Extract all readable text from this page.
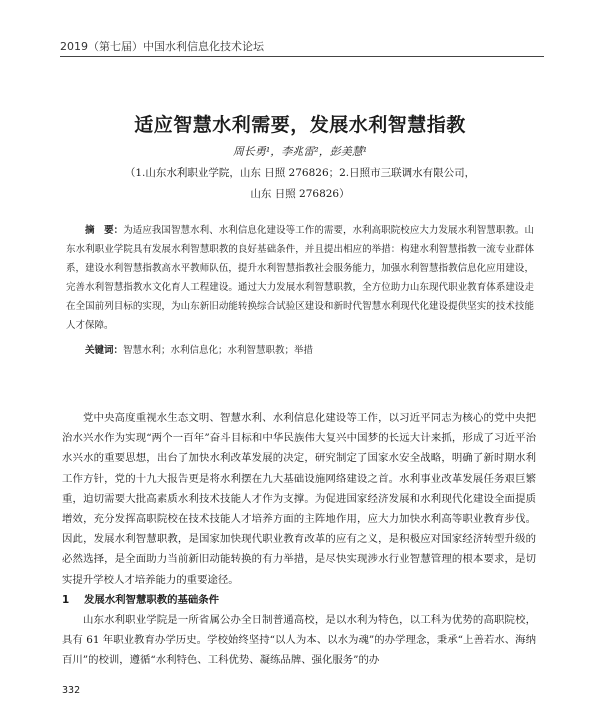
2019（第七届）中国水利信息化技术论坛
适应智慧水利需要，发展水利智慧指教
周长勇¹，李兆雷²，彭美慧¹
（1.山东水利职业学院，山东 日照 276826；2.日照市三联调水有限公司，
山东 日照 276826）
摘　要：为适应我国智慧水利、水利信息化建设等工作的需要，水利高职院校应大力发展水利智慧职教。山东水利职业学院具有发展水利智慧职教的良好基础条件，并且提出相应的举措：构建水利智慧指教一流专业群体系，建设水利智慧指教高水平教师队伍，提升水利智慧指教社会服务能力，加强水利智慧指教信息化应用建设，完善水利智慧指教水文化育人工程建设。通过大力发展水利智慧职教，全方位助力山东现代职业教育体系建设走在全国前列目标的实现，为山东新旧动能转换综合试验区建设和新时代智慧水利现代化建设提供坚实的技术技能人才保障。
关键词：智慧水利；水利信息化；水利智慧职教；举措

党中央高度重视水生态文明、智慧水利、水利信息化建设等工作，以习近平同志为核心的党中央把治水兴水作为实现“两个一百年”奋斗目标和中华民族伟大复兴中国梦的长远大计来抓，形成了习近平治水兴水的重要思想，出台了加快水利改革发展的决定，研究制定了国家水安全战略，明确了新时期水利工作方针，党的十九大报告更是将水利摆在九大基础设施网络建设之首。水利事业改革发展任务艰巨繁重，迫切需要大批高素质水利技术技能人才作为支撑。为促进国家经济发展和水利现代化建设全面提质增效，充分发挥高职院校在技术技能人才培养方面的主阵地作用，应大力加快水利高等职业教育步伐。因此，发展水利智慧职教，是国家加快现代职业教育改革的应有之义，是积极应对国家经济转型升级的必然选择，是全面助力当前新旧动能转换的有力举措，是尽快实现涉水行业智慧管理的根本要求，是切实提升学校人才培养能力的重要途径。

1 发展水利智慧职教的基础条件

山东水利职业学院是一所省属公办全日制普通高校，是以水利为特色，以工科为优势的高职院校，具有 61 年职业教育办学历史。学校始终坚持“以人为本、以水为魂”的办学理念，秉承“上善若水、海纳百川”的校训，遵循“水利特色、工科优势、凝练品牌、强化服务”的办

332
